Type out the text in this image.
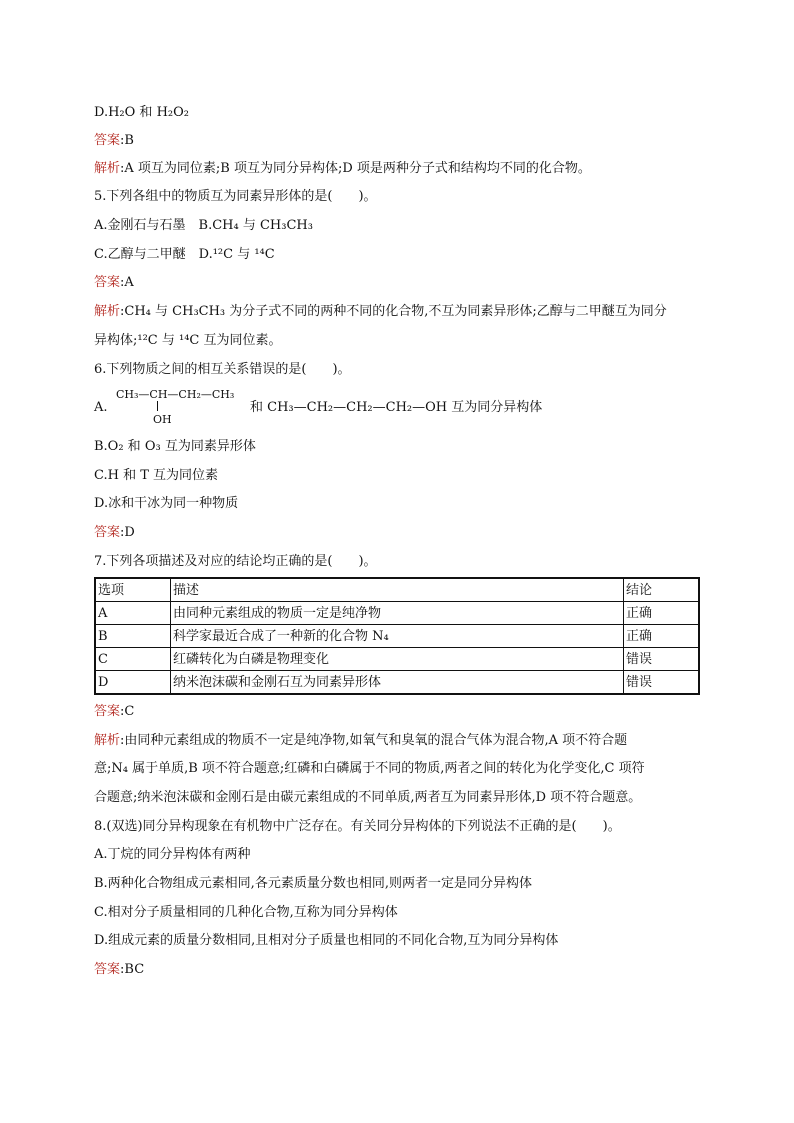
D.H₂O 和 H₂O₂
答案:B
解析:A 项互为同位素;B 项互为同分异构体;D 项是两种分子式和结构均不同的化合物。
5.下列各组中的物质互为同素异形体的是(　　)。
A.金刚石与石墨　B.CH₄ 与 CH₃CH₃
C.乙醇与二甲醚　D.¹²C 与 ¹⁴C
答案:A
解析:CH₄ 与 CH₃CH₃ 为分子式不同的两种不同的化合物,不互为同素异形体;乙醇与二甲醚互为同分
异构体;¹²C 与 ¹⁴C 互为同位素。
6.下列物质之间的相互关系错误的是(　　)。
A.
CH₃—CH—CH₂—CH₃
OH
和 CH₃—CH₂—CH₂—CH₂—OH 互为同分异构体
B.O₂ 和 O₃ 互为同素异形体
C.H 和 T 互为同位素
D.冰和干冰为同一种物质
答案:D
7.下列各项描述及对应的结论均正确的是(　　)。
选项	描述	结论
A	由同种元素组成的物质一定是纯净物	正确
B	科学家最近合成了一种新的化合物 N₄	正确
C	红磷转化为白磷是物理变化	错误
D	纳米泡沫碳和金刚石互为同素异形体	错误
答案:C
解析:由同种元素组成的物质不一定是纯净物,如氧气和臭氧的混合气体为混合物,A 项不符合题
意;N₄ 属于单质,B 项不符合题意;红磷和白磷属于不同的物质,两者之间的转化为化学变化,C 项符
合题意;纳米泡沫碳和金刚石是由碳元素组成的不同单质,两者互为同素异形体,D 项不符合题意。
8.(双选)同分异构现象在有机物中广泛存在。有关同分异构体的下列说法不正确的是(　　)。
A.丁烷的同分异构体有两种
B.两种化合物组成元素相同,各元素质量分数也相同,则两者一定是同分异构体
C.相对分子质量相同的几种化合物,互称为同分异构体
D.组成元素的质量分数相同,且相对分子质量也相同的不同化合物,互为同分异构体
答案:BC
